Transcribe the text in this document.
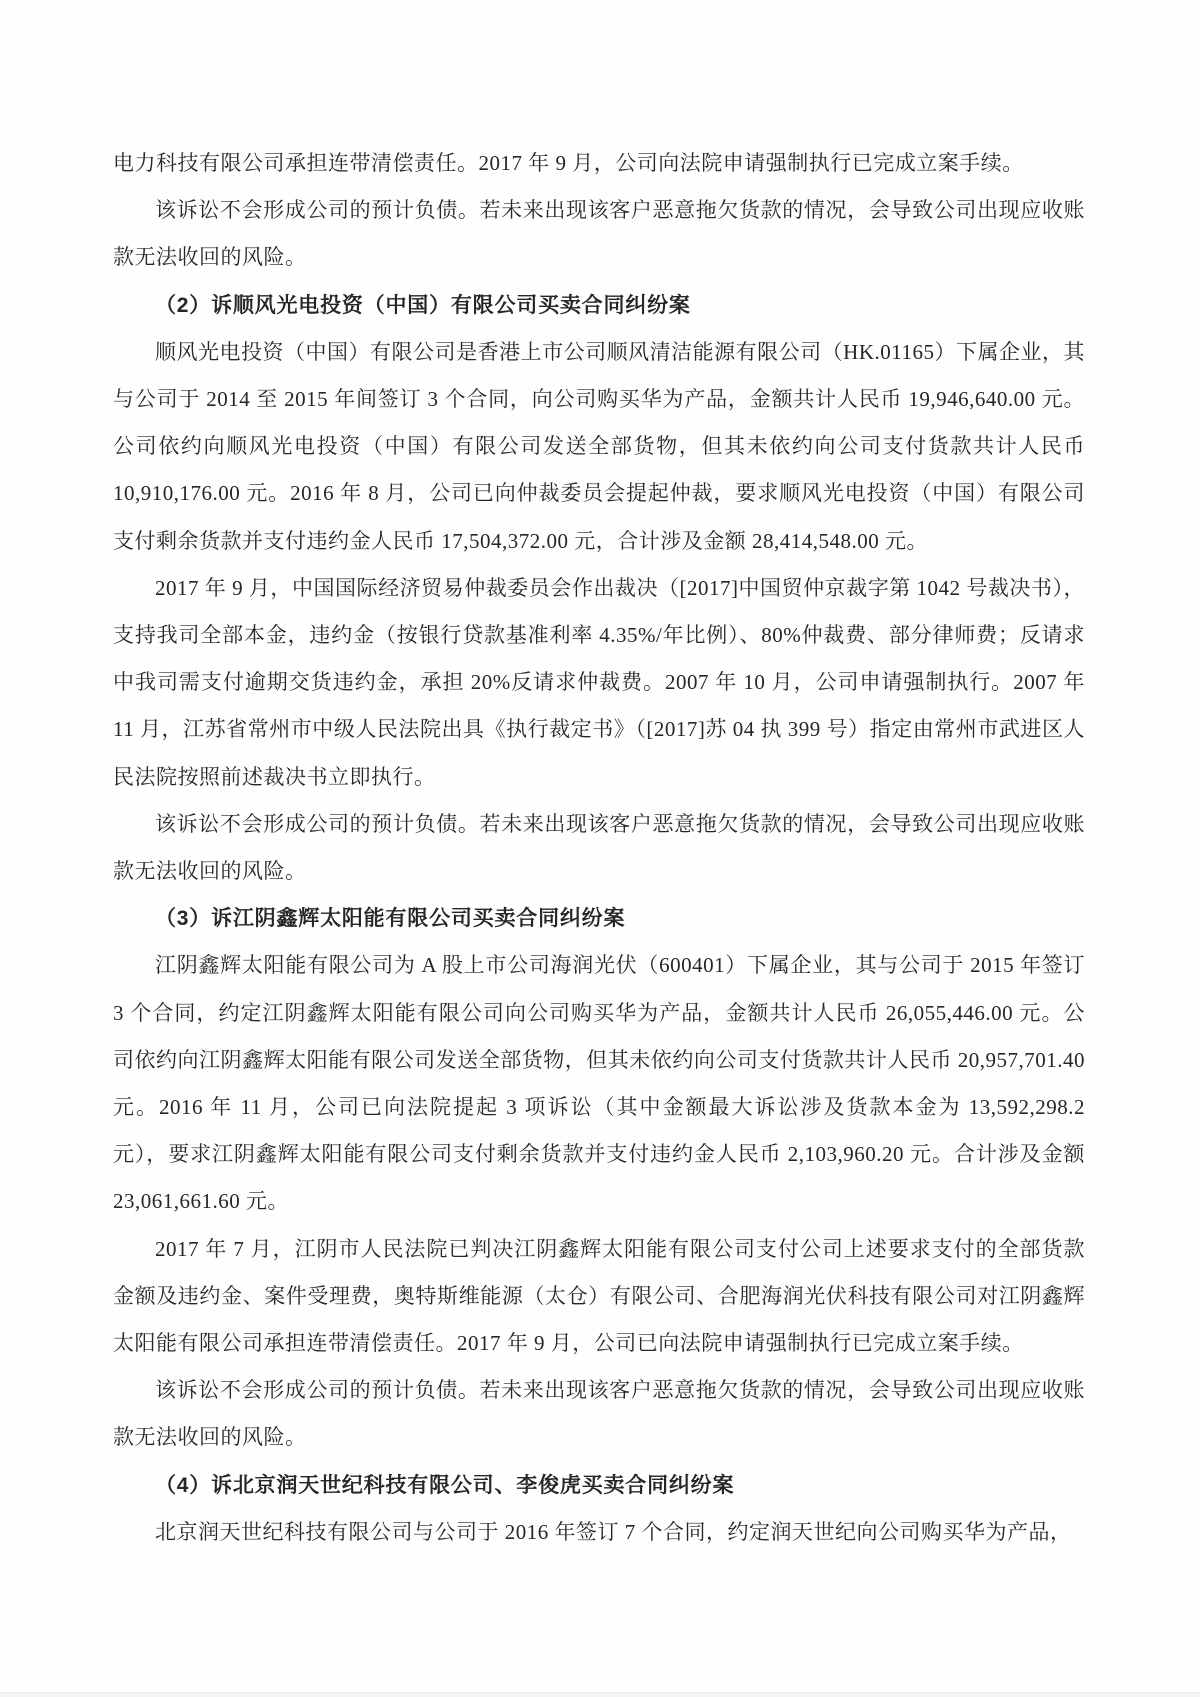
电力科技有限公司承担连带清偿责任。2017 年 9 月，公司向法院申请强制执行已完成立案手续。

该诉讼不会形成公司的预计负债。若未来出现该客户恶意拖欠货款的情况，会导致公司出现应收账款无法收回的风险。

（2）诉顺风光电投资（中国）有限公司买卖合同纠纷案

顺风光电投资（中国）有限公司是香港上市公司顺风清洁能源有限公司（HK.01165）下属企业，其与公司于 2014 至 2015 年间签订 3 个合同，向公司购买华为产品，金额共计人民币 19,946,640.00 元。公司依约向顺风光电投资（中国）有限公司发送全部货物，但其未依约向公司支付货款共计人民币 10,910,176.00 元。2016 年 8 月，公司已向仲裁委员会提起仲裁，要求顺风光电投资（中国）有限公司支付剩余货款并支付违约金人民币 17,504,372.00 元，合计涉及金额 28,414,548.00 元。

2017 年 9 月，中国国际经济贸易仲裁委员会作出裁决（[2017]中国贸仲京裁字第 1042 号裁决书），支持我司全部本金，违约金（按银行贷款基准利率 4.35%/年比例）、80%仲裁费、部分律师费；反请求中我司需支付逾期交货违约金，承担 20%反请求仲裁费。2007 年 10 月，公司申请强制执行。2007 年 11 月，江苏省常州市中级人民法院出具《执行裁定书》（[2017]苏 04 执 399 号）指定由常州市武进区人民法院按照前述裁决书立即执行。

该诉讼不会形成公司的预计负债。若未来出现该客户恶意拖欠货款的情况，会导致公司出现应收账款无法收回的风险。

（3）诉江阴鑫辉太阳能有限公司买卖合同纠纷案

江阴鑫辉太阳能有限公司为 A 股上市公司海润光伏（600401）下属企业，其与公司于 2015 年签订 3 个合同，约定江阴鑫辉太阳能有限公司向公司购买华为产品，金额共计人民币 26,055,446.00 元。公司依约向江阴鑫辉太阳能有限公司发送全部货物，但其未依约向公司支付货款共计人民币 20,957,701.40 元。2016 年 11 月，公司已向法院提起 3 项诉讼（其中金额最大诉讼涉及货款本金为 13,592,298.2 元），要求江阴鑫辉太阳能有限公司支付剩余货款并支付违约金人民币 2,103,960.20 元。合计涉及金额 23,061,661.60 元。

2017 年 7 月，江阴市人民法院已判决江阴鑫辉太阳能有限公司支付公司上述要求支付的全部货款金额及违约金、案件受理费，奥特斯维能源（太仓）有限公司、合肥海润光伏科技有限公司对江阴鑫辉太阳能有限公司承担连带清偿责任。2017 年 9 月，公司已向法院申请强制执行已完成立案手续。

该诉讼不会形成公司的预计负债。若未来出现该客户恶意拖欠货款的情况，会导致公司出现应收账款无法收回的风险。

（4）诉北京润天世纪科技有限公司、李俊虎买卖合同纠纷案

北京润天世纪科技有限公司与公司于 2016 年签订 7 个合同，约定润天世纪向公司购买华为产品，
